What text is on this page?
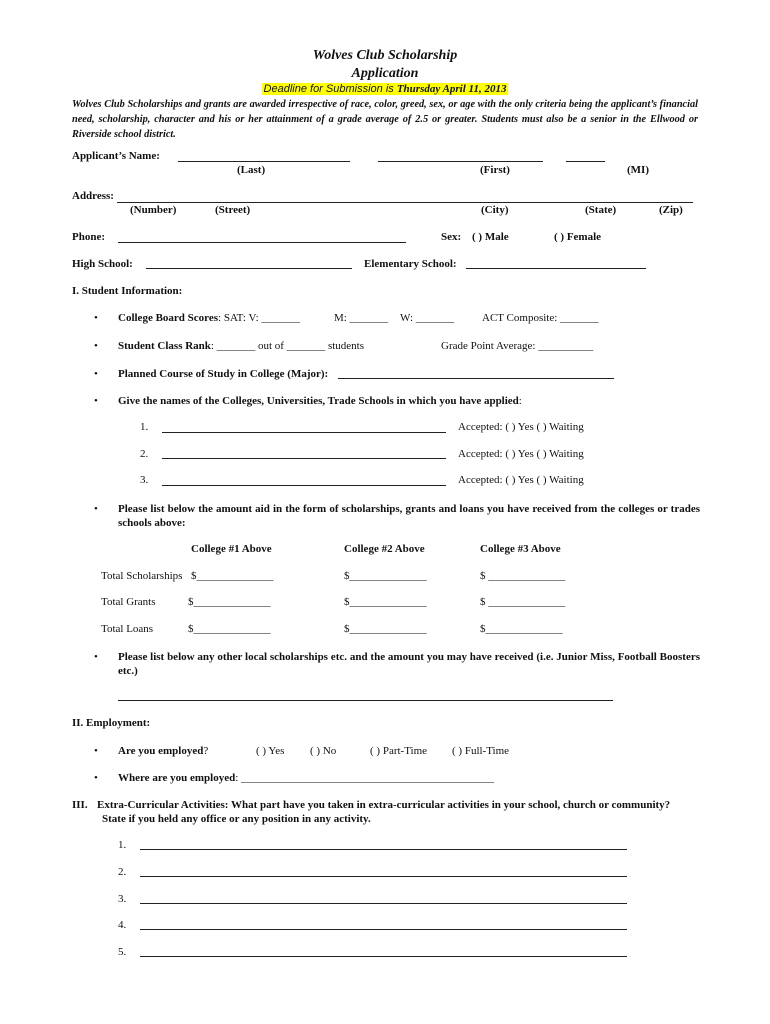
Wolves Club Scholarship
Application
Deadline for Submission is Thursday April 11, 2013
Wolves Club Scholarships and grants are awarded irrespective of race, color, greed, sex, or age with the only criteria being the applicant’s financial need, scholarship, character and his or her attainment of a grade average of 2.5 or greater. Students must also be a senior in the Ellwood or Riverside school district.
Applicant’s Name:
(Last)	(First)	(MI)
Address:
(Number)	(Street)	(City)	(State)	(Zip)
Phone:	Sex: ( ) Male	( ) Female
High School:	Elementary School:
I. Student Information:
• College Board Scores: SAT: V: _______	M: _______ W: _______	ACT Composite: _______
• Student Class Rank: _______ out of _______ students	Grade Point Average: __________
• Planned Course of Study in College (Major):
• Give the names of the Colleges, Universities, Trade Schools in which you have applied:
1.	Accepted: ( ) Yes ( ) Waiting
2.	Accepted: ( ) Yes ( ) Waiting
3.	Accepted: ( ) Yes ( ) Waiting
• Please list below the amount aid in the form of scholarships, grants and loans you have received from the colleges or trades schools above:
College #1 Above	College #2 Above	College #3 Above
Total Scholarships $______________	$______________	$ ______________
Total Grants	$______________	$______________	$ ______________
Total Loans	$______________	$______________	$______________
• Please list below any other local scholarships etc. and the amount you may have received (i.e. Junior Miss, Football Boosters etc.)
II. Employment:
• Are you employed?	( ) Yes ( ) No	( ) Part-Time ( ) Full-Time
• Where are you employed: ______________________________________________
III. Extra-Curricular Activities: What part have you taken in extra-curricular activities in your school, church or community?
State if you held any office or any position in any activity.
1.
2.
3.
4.
5.
